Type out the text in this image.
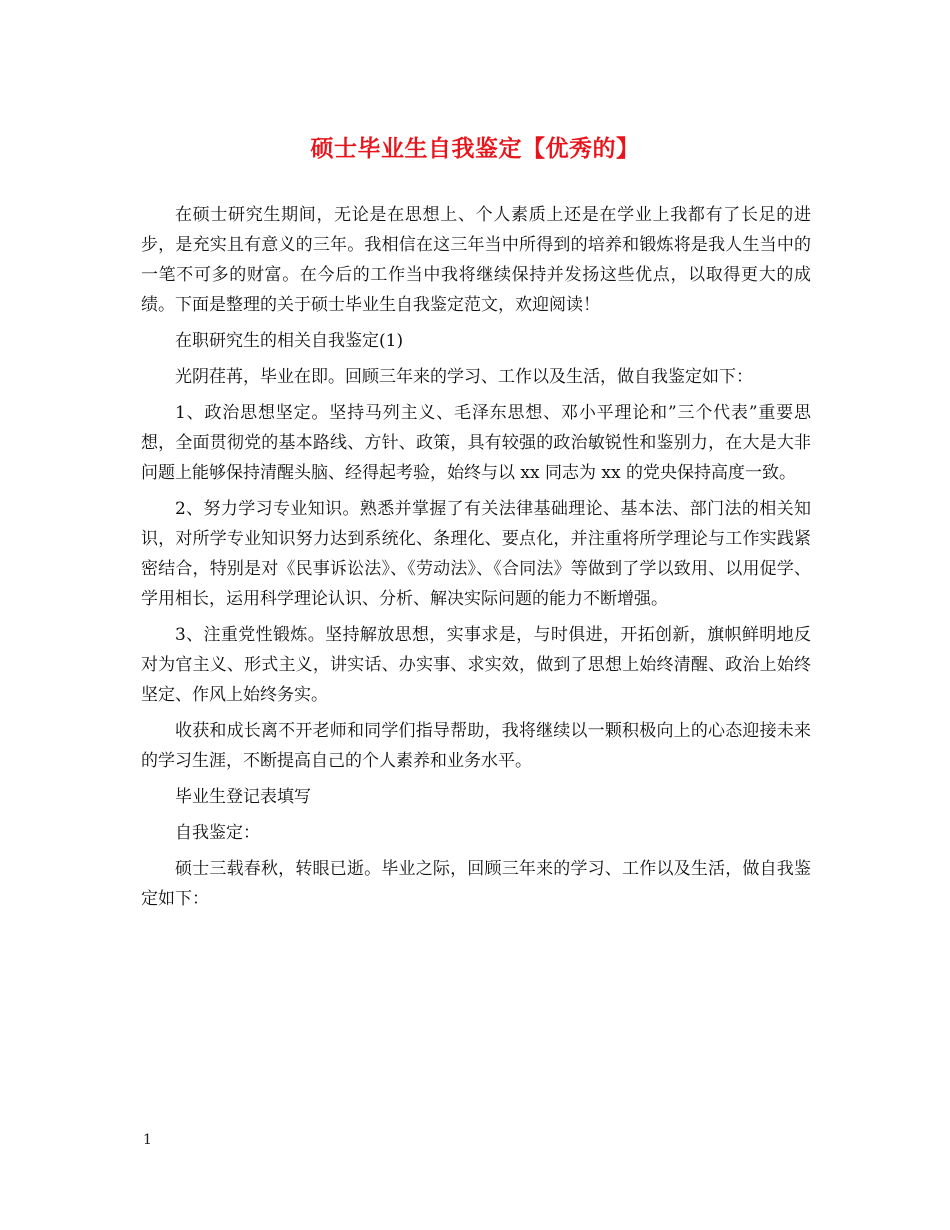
硕士毕业生自我鉴定【优秀的】

在硕士研究生期间，无论是在思想上、个人素质上还是在学业上我都有了长足的进步，是充实且有意义的三年。我相信在这三年当中所得到的培养和锻炼将是我人生当中的一笔不可多的财富。在今后的工作当中我将继续保持并发扬这些优点，以取得更大的成绩。下面是整理的关于硕士毕业生自我鉴定范文，欢迎阅读！

在职研究生的相关自我鉴定(1)

光阴荏苒，毕业在即。回顾三年来的学习、工作以及生活，做自我鉴定如下：

1、政治思想坚定。坚持马列主义、毛泽东思想、邓小平理论和”三个代表”重要思想，全面贯彻党的基本路线、方针、政策，具有较强的政治敏锐性和鉴别力，在大是大非问题上能够保持清醒头脑、经得起考验，始终与以 xx 同志为 xx 的党央保持高度一致。

2、努力学习专业知识。熟悉并掌握了有关法律基础理论、基本法、部门法的相关知识，对所学专业知识努力达到系统化、条理化、要点化，并注重将所学理论与工作实践紧密结合，特别是对《民事诉讼法》、《劳动法》、《合同法》等做到了学以致用、以用促学、学用相长，运用科学理论认识、分析、解决实际问题的能力不断增强。

3、注重党性锻炼。坚持解放思想，实事求是，与时俱进，开拓创新，旗帜鲜明地反对为官主义、形式主义，讲实话、办实事、求实效，做到了思想上始终清醒、政治上始终坚定、作风上始终务实。

收获和成长离不开老师和同学们指导帮助，我将继续以一颗积极向上的心态迎接未来的学习生涯，不断提高自己的个人素养和业务水平。

毕业生登记表填写

自我鉴定：

硕士三载春秋，转眼已逝。毕业之际，回顾三年来的学习、工作以及生活，做自我鉴定如下：

1
